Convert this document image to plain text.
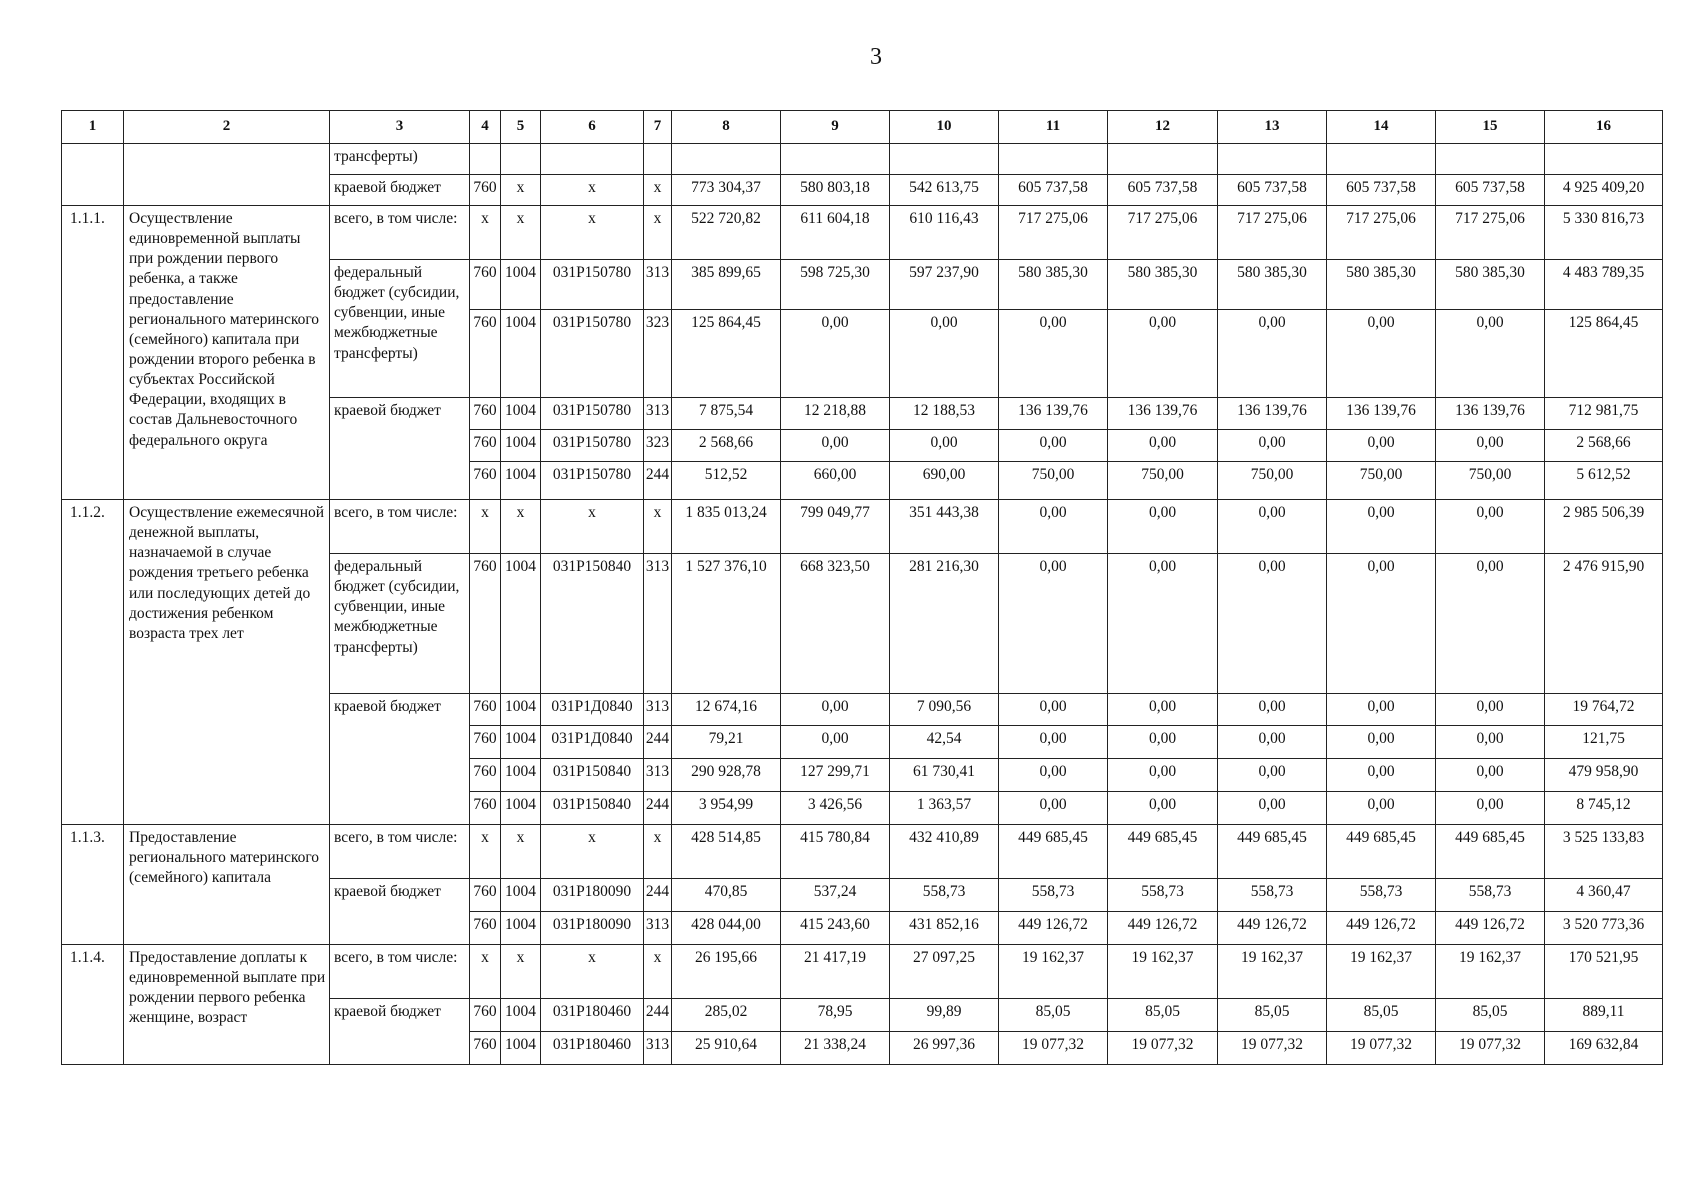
3
1	2	3	4	5	6	7	8	9	10	11	12	13	14	15	16
		трансферты)													
		краевой бюджет	760	x	x	x	773 304,37	580 803,18	542 613,75	605 737,58	605 737,58	605 737,58	605 737,58	605 737,58	4 925 409,20
1.1.1.	Осуществление единовременной выплаты при рождении первого ребенка, а также предоставление регионального материнского (семейного) капитала при рождении второго ребенка в субъектах Российской Федерации, входящих в состав Дальневосточного федерального округа	всего, в том числе:	x	x	x	x	522 720,82	611 604,18	610 116,43	717 275,06	717 275,06	717 275,06	717 275,06	717 275,06	5 330 816,73
		федеральный бюджет (субсидии, субвенции, иные межбюджетные трансферты)	760	1004	031Р150780	313	385 899,65	598 725,30	597 237,90	580 385,30	580 385,30	580 385,30	580 385,30	580 385,30	4 483 789,35
			760	1004	031Р150780	323	125 864,45	0,00	0,00	0,00	0,00	0,00	0,00	0,00	125 864,45
		краевой бюджет	760	1004	031Р150780	313	7 875,54	12 218,88	12 188,53	136 139,76	136 139,76	136 139,76	136 139,76	136 139,76	712 981,75
			760	1004	031Р150780	323	2 568,66	0,00	0,00	0,00	0,00	0,00	0,00	0,00	2 568,66
			760	1004	031Р150780	244	512,52	660,00	690,00	750,00	750,00	750,00	750,00	750,00	5 612,52
1.1.2.	Осуществление ежемесячной денежной выплаты, назначаемой в случае рождения третьего ребенка или последующих детей до достижения ребенком возраста трех лет	всего, в том числе:	x	x	x	x	1 835 013,24	799 049,77	351 443,38	0,00	0,00	0,00	0,00	0,00	2 985 506,39
		федеральный бюджет (субсидии, субвенции, иные межбюджетные трансферты)	760	1004	031Р150840	313	1 527 376,10	668 323,50	281 216,30	0,00	0,00	0,00	0,00	0,00	2 476 915,90
		краевой бюджет	760	1004	031Р1Д0840	313	12 674,16	0,00	7 090,56	0,00	0,00	0,00	0,00	0,00	19 764,72
			760	1004	031Р1Д0840	244	79,21	0,00	42,54	0,00	0,00	0,00	0,00	0,00	121,75
			760	1004	031Р150840	313	290 928,78	127 299,71	61 730,41	0,00	0,00	0,00	0,00	0,00	479 958,90
			760	1004	031Р150840	244	3 954,99	3 426,56	1 363,57	0,00	0,00	0,00	0,00	0,00	8 745,12
1.1.3.	Предоставление регионального материнского (семейного) капитала	всего, в том числе:	x	x	x	x	428 514,85	415 780,84	432 410,89	449 685,45	449 685,45	449 685,45	449 685,45	449 685,45	3 525 133,83
		краевой бюджет	760	1004	031Р180090	244	470,85	537,24	558,73	558,73	558,73	558,73	558,73	558,73	4 360,47
			760	1004	031Р180090	313	428 044,00	415 243,60	431 852,16	449 126,72	449 126,72	449 126,72	449 126,72	449 126,72	3 520 773,36
1.1.4.	Предоставление доплаты к единовременной выплате при рождении первого ребенка женщине, возраст	всего, в том числе:	x	x	x	x	26 195,66	21 417,19	27 097,25	19 162,37	19 162,37	19 162,37	19 162,37	19 162,37	170 521,95
		краевой бюджет	760	1004	031Р180460	244	285,02	78,95	99,89	85,05	85,05	85,05	85,05	85,05	889,11
			760	1004	031Р180460	313	25 910,64	21 338,24	26 997,36	19 077,32	19 077,32	19 077,32	19 077,32	19 077,32	169 632,84
